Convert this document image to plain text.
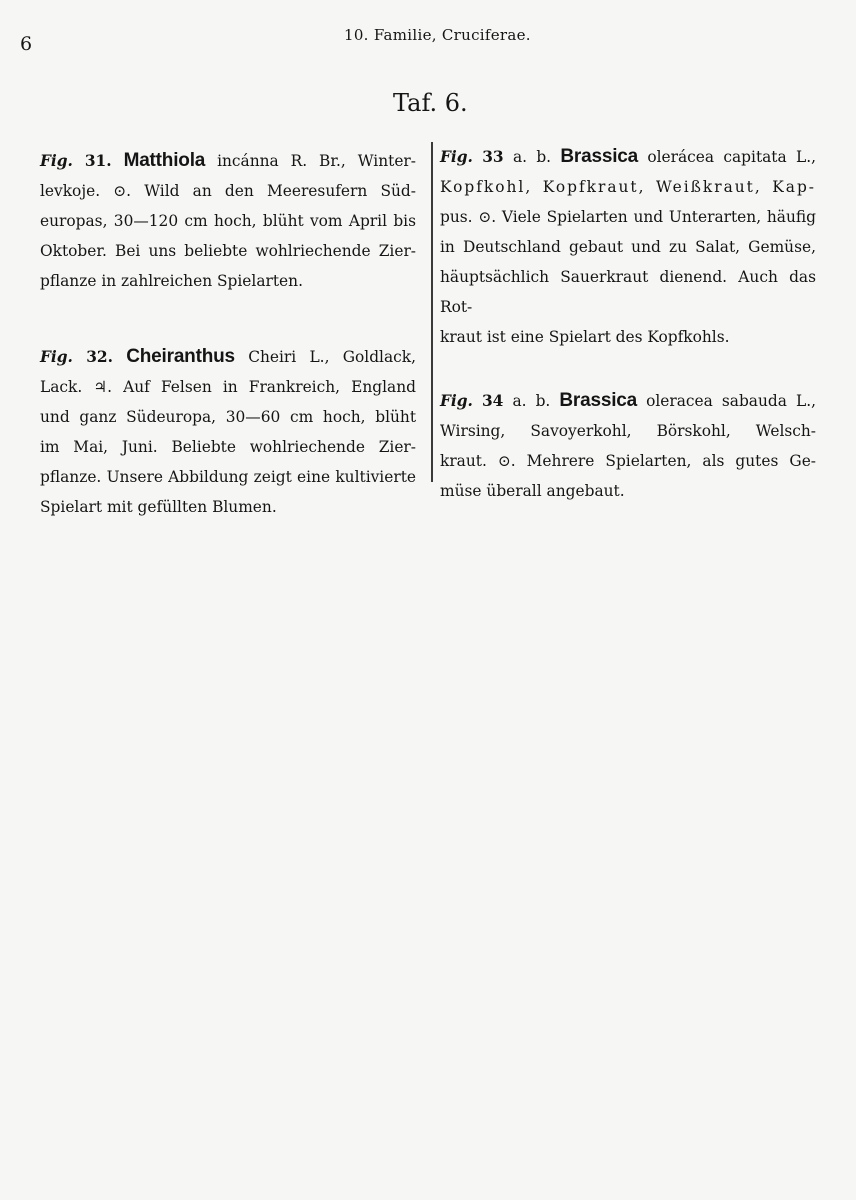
6	10. Familie, Cruciferae.
Taf. 6.
Fig. 31. Matthiola incánna R. Br., Winter-
levkoje. ⊙. Wild an den Meeresufern Süd-
europas, 30—120 cm hoch, blüht vom April bis
Oktober. Bei uns beliebte wohlriechende Zier-
pflanze in zahlreichen Spielarten.
Fig. 32. Cheiranthus Cheiri L., Goldlack,
Lack. ♃. Auf Felsen in Frankreich, England
und ganz Südeuropa, 30—60 cm hoch, blüht
im Mai, Juni. Beliebte wohlriechende Zier-
pflanze. Unsere Abbildung zeigt eine kultivierte
Spielart mit gefüllten Blumen.
Fig. 33 a. b. Brassica olerácea capitata L.,
Kopfkohl, Kopfkraut, Weißkraut, Kap-
pus. ⊙. Viele Spielarten und Unterarten, häufig
in Deutschland gebaut und zu Salat, Gemüse,
häuptsächlich Sauerkraut dienend. Auch das Rot-
kraut ist eine Spielart des Kopfkohls.
Fig. 34 a. b. Brassica oleracea sabauda L.,
Wirsing, Savoyerkohl, Börskohl, Welsch-
kraut. ⊙. Mehrere Spielarten, als gutes Ge-
müse überall angebaut.
